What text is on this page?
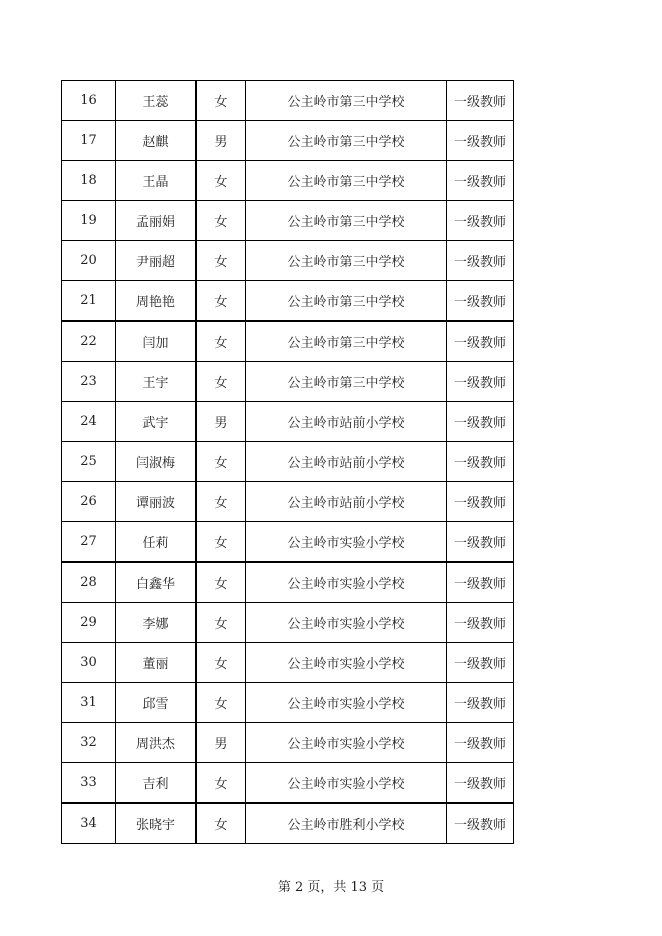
16	王蕊	女	公主岭市第三中学校	一级教师
17	赵麒	男	公主岭市第三中学校	一级教师
18	王晶	女	公主岭市第三中学校	一级教师
19	孟丽娟	女	公主岭市第三中学校	一级教师
20	尹丽超	女	公主岭市第三中学校	一级教师
21	周艳艳	女	公主岭市第三中学校	一级教师
22	闫加	女	公主岭市第三中学校	一级教师
23	王宇	女	公主岭市第三中学校	一级教师
24	武宇	男	公主岭市站前小学校	一级教师
25	闫淑梅	女	公主岭市站前小学校	一级教师
26	谭丽波	女	公主岭市站前小学校	一级教师
27	任莉	女	公主岭市实验小学校	一级教师
28	白鑫华	女	公主岭市实验小学校	一级教师
29	李娜	女	公主岭市实验小学校	一级教师
30	董丽	女	公主岭市实验小学校	一级教师
31	邱雪	女	公主岭市实验小学校	一级教师
32	周洪杰	男	公主岭市实验小学校	一级教师
33	吉利	女	公主岭市实验小学校	一级教师
34	张晓宇	女	公主岭市胜利小学校	一级教师
第 2 页，共 13 页
